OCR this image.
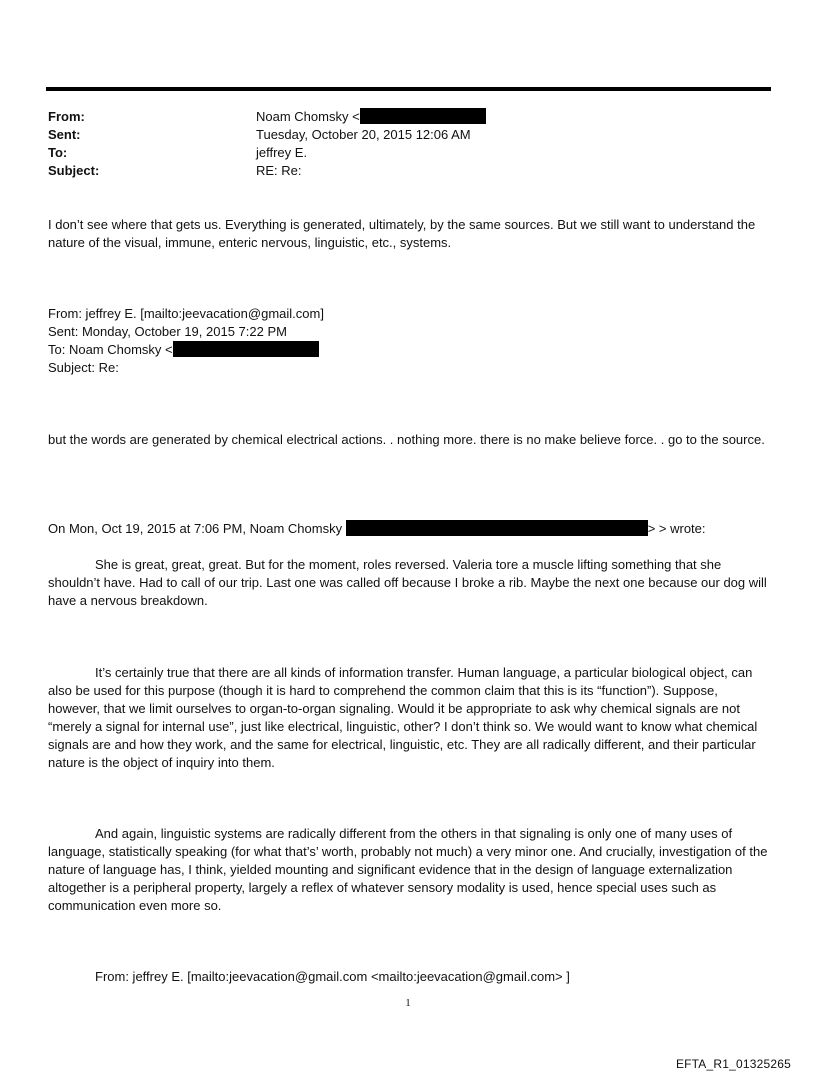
From:	Noam Chomsky <
Sent:	Tuesday, October 20, 2015 12:06 AM
To:	jeffrey E.
Subject:	RE: Re:

I don’t see where that gets us. Everything is generated, ultimately, by the same sources. But we still want to understand the nature of the visual, immune, enteric nervous, linguistic, etc., systems.

From: jeffrey E. [mailto:jeevacation@gmail.com]
Sent: Monday, October 19, 2015 7:22 PM
To: Noam Chomsky <
Subject: Re:

but the words are generated by chemical electrical actions. . nothing more. there is no make believe force. . go to the source.

On Mon, Oct 19, 2015 at 7:06 PM, Noam Chomsky	> > wrote:

She is great, great, great. But for the moment, roles reversed. Valeria tore a muscle lifting something that she shouldn’t have. Had to call of our trip. Last one was called off because I broke a rib. Maybe the next one because our dog will have a nervous breakdown.

It’s certainly true that there are all kinds of information transfer. Human language, a particular biological object, can also be used for this purpose (though it is hard to comprehend the common claim that this is its “function”). Suppose, however, that we limit ourselves to organ-to-organ signaling. Would it be appropriate to ask why chemical signals are not “merely a signal for internal use”, just like electrical, linguistic, other? I don’t think so. We would want to know what chemical signals are and how they work, and the same for electrical, linguistic, etc. They are all radically different, and their particular nature is the object of inquiry into them.

And again, linguistic systems are radically different from the others in that signaling is only one of many uses of language, statistically speaking (for what that’s’ worth, probably not much) a very minor one. And crucially, investigation of the nature of language has, I think, yielded mounting and significant evidence that in the design of language externalization altogether is a peripheral property, largely a reflex of whatever sensory modality is used, hence special uses such as communication even more so.

From: jeffrey E. [mailto:jeevacation@gmail.com <mailto:jeevacation@gmail.com> ]
1
EFTA_R1_01325265
